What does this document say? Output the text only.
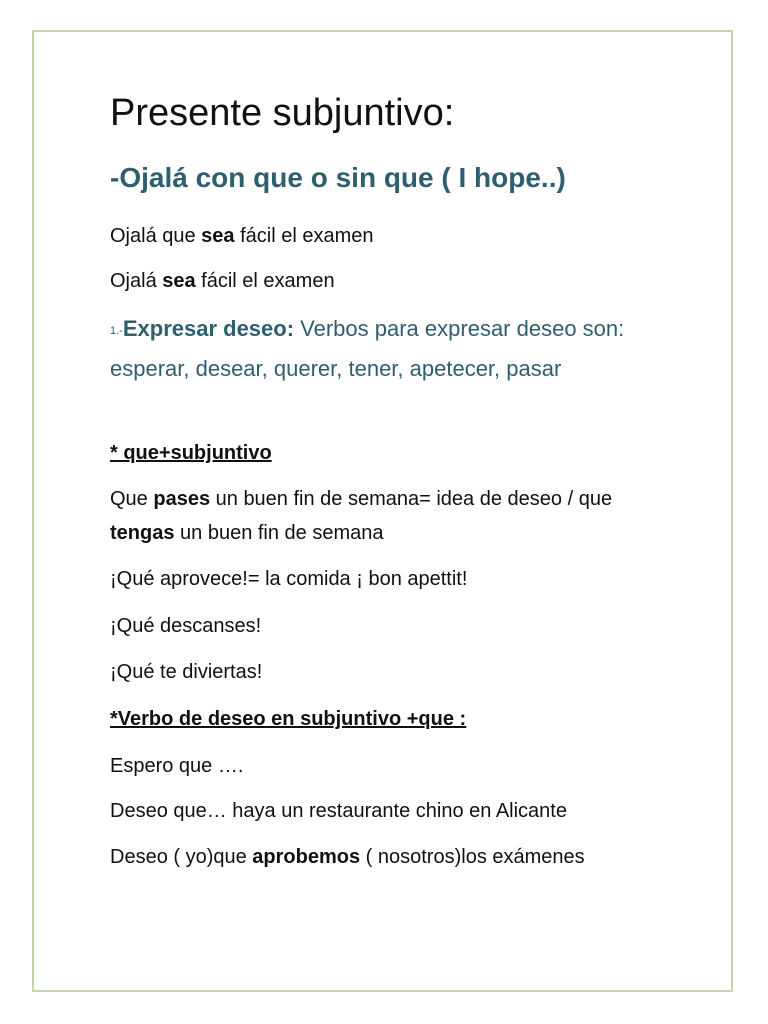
Presente subjuntivo:
-Ojalá con que o sin que ( I hope..)

Ojalá que sea fácil el examen

Ojalá sea fácil el examen

1.-Expresar deseo: Verbos para expresar deseo son: esperar, desear, querer, tener, apetecer, pasar

* que+subjuntivo

Que pases un buen fin de semana= idea de deseo / que tengas un buen fin de semana

¡Qué aprovece!= la comida ¡ bon apettit!

¡Qué descanses!

¡Qué te diviertas!

*Verbo de deseo en subjuntivo +que :

Espero que ….

Deseo que… haya un restaurante chino en Alicante

Deseo ( yo)que aprobemos ( nosotros)los exámenes
